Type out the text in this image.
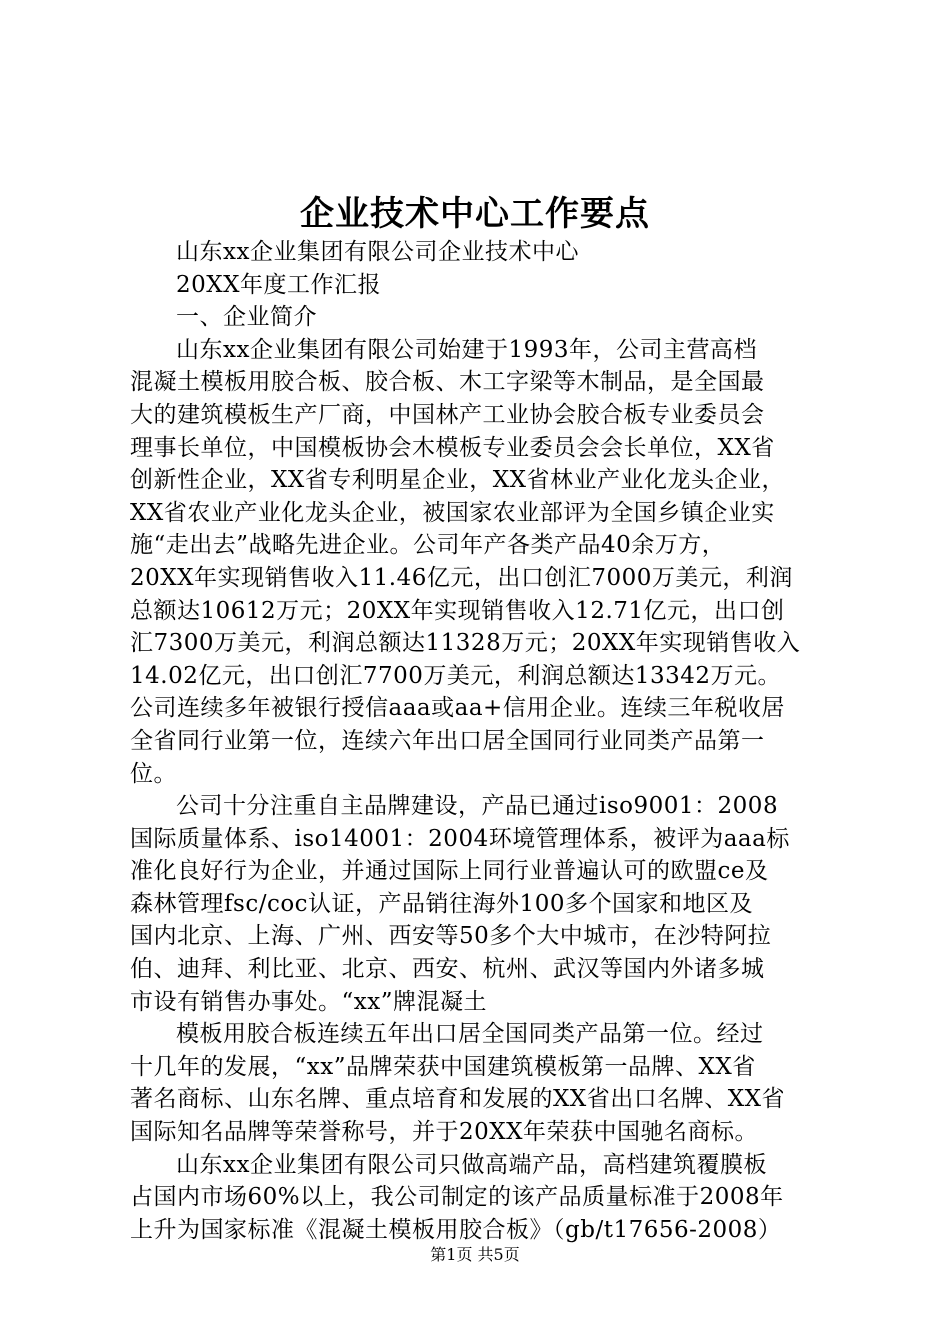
企业技术中心工作要点
山东xx企业集团有限公司企业技术中心
20XX年度工作汇报
一、企业简介
山东xx企业集团有限公司始建于1993年，公司主营高档
混凝土模板用胶合板、胶合板、木工字梁等木制品，是全国最
大的建筑模板生产厂商，中国林产工业协会胶合板专业委员会
理事长单位，中国模板协会木模板专业委员会会长单位，XX省
创新性企业，XX省专利明星企业，XX省林业产业化龙头企业，
XX省农业产业化龙头企业，被国家农业部评为全国乡镇企业实
施“走出去”战略先进企业。公司年产各类产品40余万方，
20XX年实现销售收入11.46亿元，出口创汇7000万美元，利润
总额达10612万元；20XX年实现销售收入12.71亿元，出口创
汇7300万美元，利润总额达11328万元；20XX年实现销售收入
14.02亿元，出口创汇7700万美元，利润总额达13342万元。
公司连续多年被银行授信aaa或aa+信用企业。连续三年税收居
全省同行业第一位，连续六年出口居全国同行业同类产品第一
位。
公司十分注重自主品牌建设，产品已通过iso9001：2008
国际质量体系、iso14001：2004环境管理体系，被评为aaa标
准化良好行为企业，并通过国际上同行业普遍认可的欧盟ce及
森林管理fsc/coc认证，产品销往海外100多个国家和地区及
国内北京、上海、广州、西安等50多个大中城市，在沙特阿拉
伯、迪拜、利比亚、北京、西安、杭州、武汉等国内外诸多城
市设有销售办事处。“xx”牌混凝土
模板用胶合板连续五年出口居全国同类产品第一位。经过
十几年的发展，“xx”品牌荣获中国建筑模板第一品牌、XX省
著名商标、山东名牌、重点培育和发展的XX省出口名牌、XX省
国际知名品牌等荣誉称号，并于20XX年荣获中国驰名商标。
山东xx企业集团有限公司只做高端产品，高档建筑覆膜板
占国内市场60%以上，我公司制定的该产品质量标准于2008年
上升为国家标准《混凝土模板用胶合板》（gb/t17656-2008）
第1页 共5页
